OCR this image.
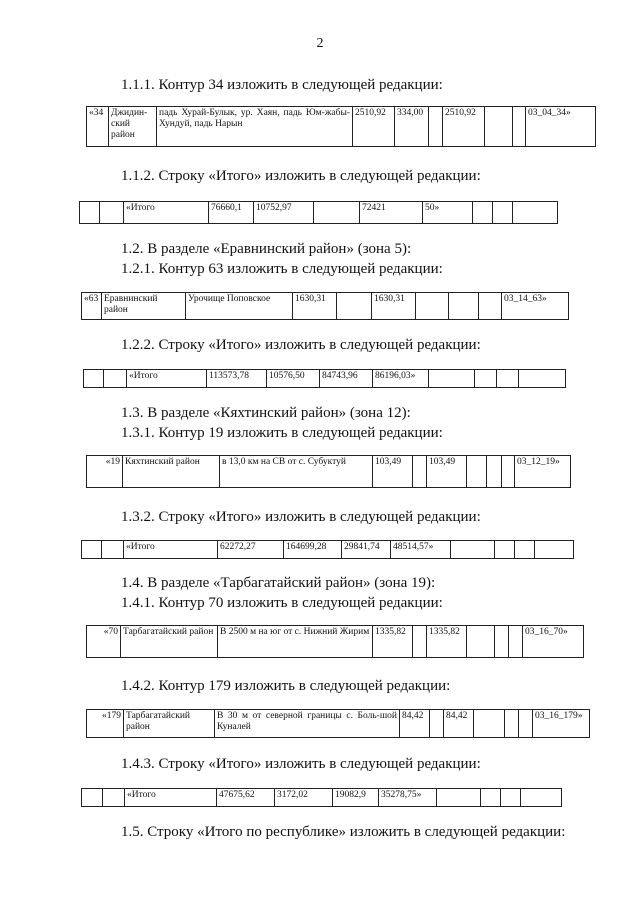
2
1.1.1. Контур 34 изложить в следующей редакции:
«34	Джидин-ский район	падь Хурай-Булык, ур. Хаян, падь Юм-жабы-Хундуй, падь Нарын	2510,92	334,00		2510,92			03_04_34»
1.1.2. Строку «Итого» изложить в следующей редакции:
		«Итого	76660,1	10752,97		72421	50»			
1.2. В разделе «Еравнинский район» (зона 5):
1.2.1. Контур 63 изложить в следующей редакции:
«63	Еравнинский район	Урочище Поповское	1630,31		1630,31				03_14_63»
1.2.2. Строку «Итого» изложить в следующей редакции:
		«Итого	113573,78	10576,50	84743,96	86196,03»				
1.3. В разделе «Кяхтинский район» (зона 12):
1.3.1. Контур 19 изложить в следующей редакции:
«19	Кяхтинский район	в 13,0 км на СВ от с. Субуктуй	103,49		103,49				03_12_19»
1.3.2. Строку «Итого» изложить в следующей редакции:
		«Итого	62272,27	164699,28	29841,74	48514,57»				
1.4. В разделе «Тарбагатайский район» (зона 19):
1.4.1. Контур 70 изложить в следующей редакции:
«70	Тарбагатайский район	В 2500 м на юг от с. Нижний Жирим	1335,82		1335,82				03_16_70»
1.4.2. Контур 179 изложить в следующей редакции:
«179	Тарбагатайский район	В 30 м от северной границы с. Боль-шой Куналей	84,42		84,42				03_16_179»
1.4.3. Строку «Итого» изложить в следующей редакции:
		«Итого	47675,62	3172,02	19082,9	35278,75»				
1.5. Строку «Итого по республике» изложить в следующей редакции:
